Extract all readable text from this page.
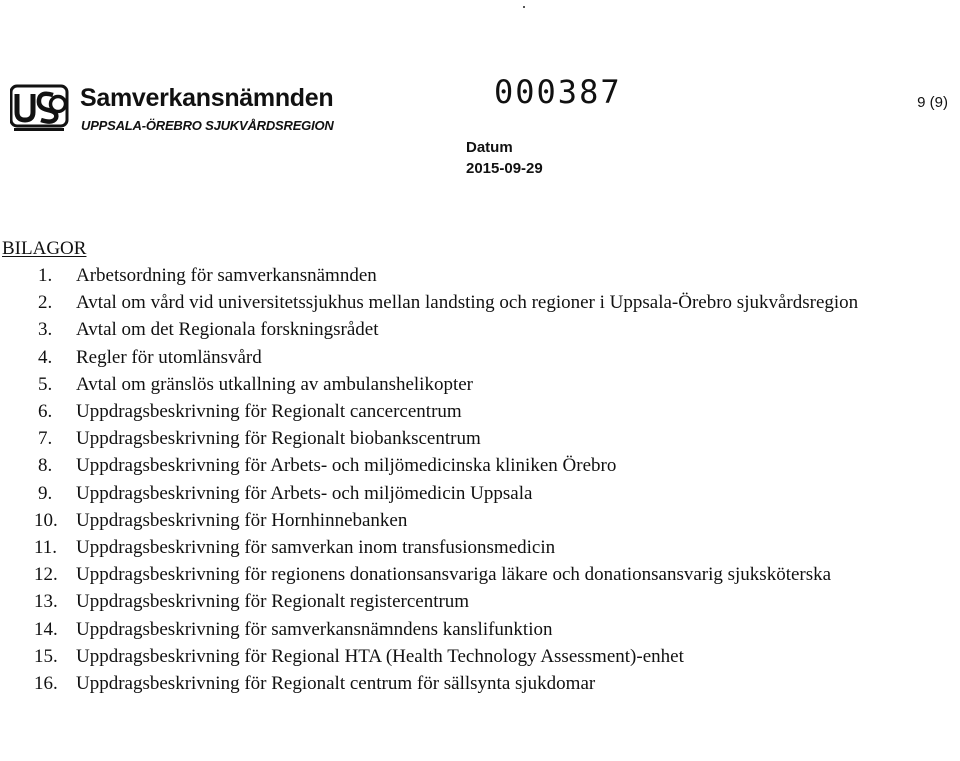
Samverkansnämnden
UPPSALA-ÖREBRO SJUKVÅRDSREGION
000387	9 (9)
Datum
2015-09-29
BILAGOR
1. Arbetsordning för samverkansnämnden
2. Avtal om vård vid universitetssjukhus mellan landsting och regioner i Uppsala-Örebro sjukvårdsregion
3. Avtal om det Regionala forskningsrådet
4. Regler för utomlänsvård
5. Avtal om gränslös utkallning av ambulanshelikopter
6. Uppdragsbeskrivning för Regionalt cancercentrum
7. Uppdragsbeskrivning för Regionalt biobankscentrum
8. Uppdragsbeskrivning för Arbets- och miljömedicinska kliniken Örebro
9. Uppdragsbeskrivning för Arbets- och miljömedicin Uppsala
10. Uppdragsbeskrivning för Hornhinnebanken
11. Uppdragsbeskrivning för samverkan inom transfusionsmedicin
12. Uppdragsbeskrivning för regionens donationsansvariga läkare och donationsansvarig sjuksköterska
13. Uppdragsbeskrivning för Regionalt registercentrum
14. Uppdragsbeskrivning för samverkansnämndens kanslifunktion
15. Uppdragsbeskrivning för Regional HTA (Health Technology Assessment)-enhet
16. Uppdragsbeskrivning för Regionalt centrum för sällsynta sjukdomar
